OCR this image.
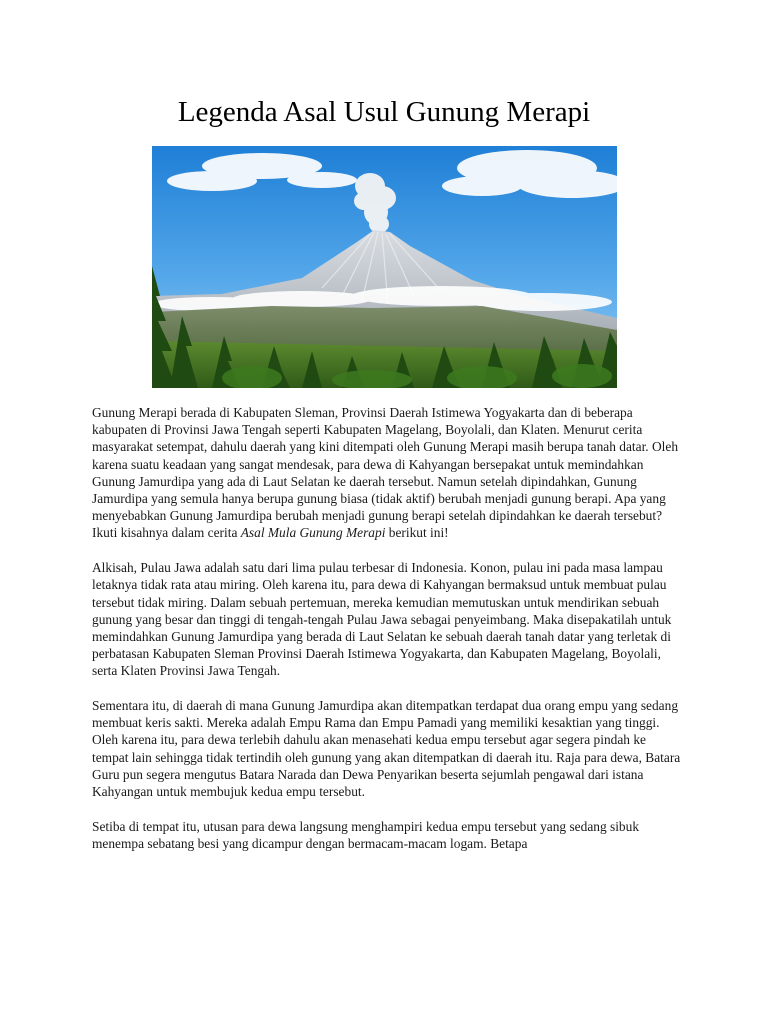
Legenda Asal Usul Gunung Merapi

Gunung Merapi berada di Kabupaten Sleman, Provinsi Daerah Istimewa Yogyakarta dan di beberapa kabupaten di Provinsi Jawa Tengah seperti Kabupaten Magelang, Boyolali, dan Klaten. Menurut cerita masyarakat setempat, dahulu daerah yang kini ditempati oleh Gunung Merapi masih berupa tanah datar. Oleh karena suatu keadaan yang sangat mendesak, para dewa di Kahyangan bersepakat untuk memindahkan Gunung Jamurdipa yang ada di Laut Selatan ke daerah tersebut. Namun setelah dipindahkan, Gunung Jamurdipa yang semula hanya berupa gunung biasa (tidak aktif) berubah menjadi gunung berapi. Apa yang menyebabkan Gunung Jamurdipa berubah menjadi gunung berapi setelah dipindahkan ke daerah tersebut? Ikuti kisahnya dalam cerita Asal Mula Gunung Merapi berikut ini!

Alkisah, Pulau Jawa adalah satu dari lima pulau terbesar di Indonesia. Konon, pulau ini pada masa lampau letaknya tidak rata atau miring. Oleh karena itu, para dewa di Kahyangan bermaksud untuk membuat pulau tersebut tidak miring. Dalam sebuah pertemuan, mereka kemudian memutuskan untuk mendirikan sebuah gunung yang besar dan tinggi di tengah-tengah Pulau Jawa sebagai penyeimbang. Maka disepakatilah untuk memindahkan Gunung Jamurdipa yang berada di Laut Selatan ke sebuah daerah tanah datar yang terletak di perbatasan Kabupaten Sleman Provinsi Daerah Istimewa Yogyakarta, dan Kabupaten Magelang, Boyolali, serta Klaten Provinsi Jawa Tengah.

Sementara itu, di daerah di mana Gunung Jamurdipa akan ditempatkan terdapat dua orang empu yang sedang membuat keris sakti. Mereka adalah Empu Rama dan Empu Pamadi yang memiliki kesaktian yang tinggi. Oleh karena itu, para dewa terlebih dahulu akan menasehati kedua empu tersebut agar segera pindah ke tempat lain sehingga tidak tertindih oleh gunung yang akan ditempatkan di daerah itu. Raja para dewa, Batara Guru pun segera mengutus Batara Narada dan Dewa Penyarikan beserta sejumlah pengawal dari istana Kahyangan untuk membujuk kedua empu tersebut.

Setiba di tempat itu, utusan para dewa langsung menghampiri kedua empu tersebut yang sedang sibuk menempa sebatang besi yang dicampur dengan bermacam-macam logam. Betapa
